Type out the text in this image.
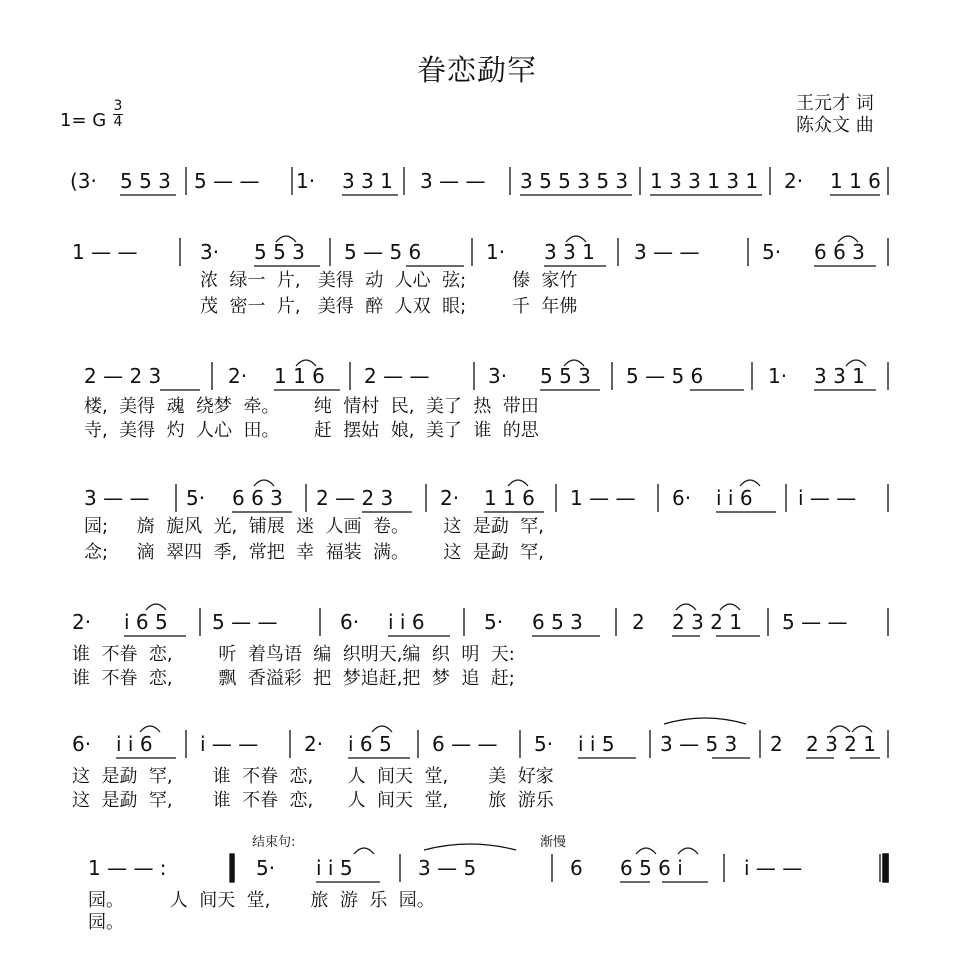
眷恋勐罕
王元才 词
陈众文 曲
1= G
3
4
结束句:	渐慢
(3· 5 5 3 5 — — 1· 3 3 1 3 — — 3 5 5 3 5 3 1 3 3 1 3 1 2· 1 1 6
1 — —	3· 5 5 3 5 — 5 6	1· 3 3 1 3 — —	5· 6 6 3
浓  绿一  片,   美得  动  人心  弦;        傣  家竹
茂  密一  片,   美得  醉  人双  眼;        千  年佛
2 — 2 3	2· 1 1 6 2 — —	3· 5 5 3 5 — 5 6	1· 3 3 1
楼,  美得  魂  绕梦  牵。      纯  情村  民,  美了  热  带田
寺,  美得  灼  人心  田。      赶  摆姑  娘,  美了  谁  的思
3 — — 5· 6 6 3 2 — 2 3 2· 1 1 6 1 — — 6· i i 6 i — —
园;     旖  旎风  光,  铺展  迷  人画  卷。      这  是勐  罕,
念;     滴  翠四  季,  常把  幸  福装  满。      这  是勐  罕,
2· i 6 5 5 — —	6· i i 6	5· 6 5 3 2 2 3 2 1 5 — —
谁  不眷  恋,        听  着鸟语  编  织明天,编  织  明  天:
谁  不眷  恋,        飘  香溢彩  把  梦追赶,把  梦  追  赶;
6· i i 6 i — — 2· i 6 5 6 — — 5· i i 5 3 — 5 3 2 2 3 2 1
这  是勐  罕,       谁  不眷  恋,      人  间天  堂,       美  好家
这  是勐  罕,       谁  不眷  恋,      人  间天  堂,       旅  游乐
1 — — :	5· i i 5	3 — 5	6 6 5 6 i	i — —
园。        人  间天  堂,       旅  游  乐  园。
园。
